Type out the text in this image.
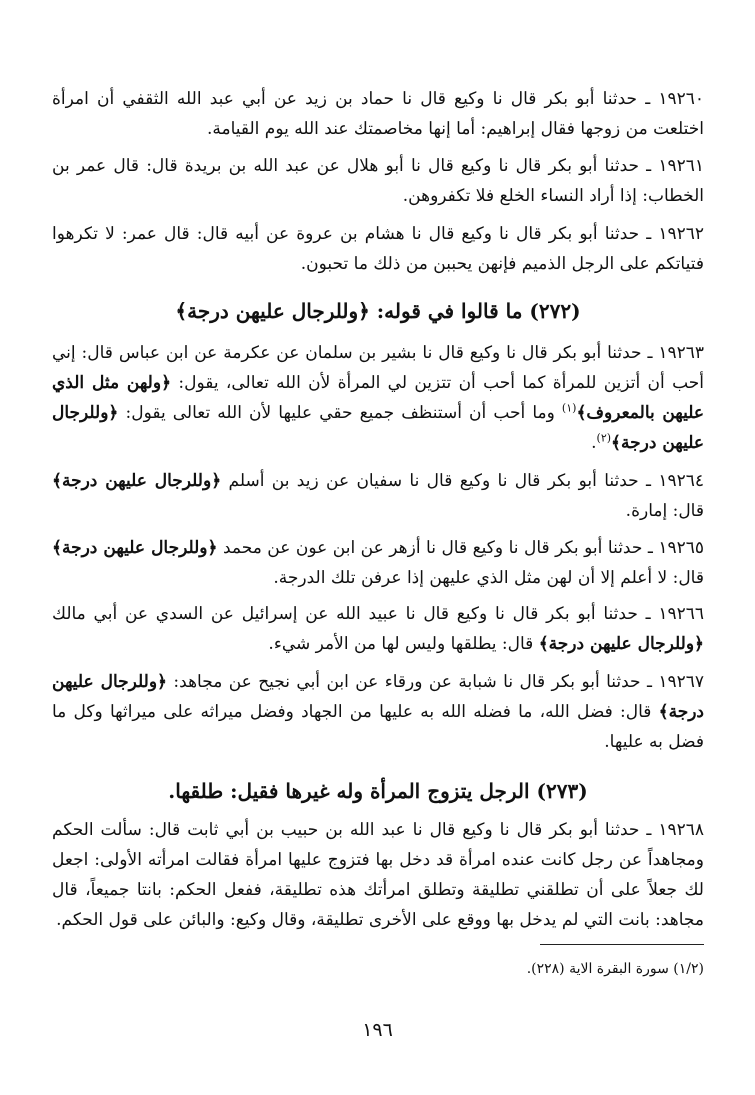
١٩٢٦٠ ـ حدثنا أبو بكر قال نا وكيع قال نا حماد بن زيد عن أبي عبد الله الثقفي أن امرأة اختلعت من زوجها فقال إبراهيم: أما إنها مخاصمتك عند الله يوم القيامة.

١٩٢٦١ ـ حدثنا أبو بكر قال نا وكيع قال نا أبو هلال عن عبد الله بن بريدة قال: قال عمر بن الخطاب: إذا أراد النساء الخلع فلا تكفروهن.

١٩٢٦٢ ـ حدثنا أبو بكر قال نا وكيع قال نا هشام بن عروة عن أبيه قال: قال عمر: لا تكرهوا فتياتكم على الرجل الذميم فإنهن يحببن من ذلك ما تحبون.

(٢٧٢) ما قالوا في قوله: ﴿وللرجال عليهن درجة﴾

١٩٢٦٣ ـ حدثنا أبو بكر قال نا وكيع قال نا بشير بن سلمان عن عكرمة عن ابن عباس قال: إني أحب أن أتزين للمرأة كما أحب أن تتزين لي المرأة لأن الله تعالى، يقول: ﴿ولهن مثل الذي عليهن بالمعروف﴾$^{(١)}$ وما أحب أن أستنظف جميع حقي عليها لأن الله تعالى يقول: ﴿وللرجال عليهن درجة﴾$^{(٢)}$.

١٩٢٦٤ ـ حدثنا أبو بكر قال نا وكيع قال نا سفيان عن زيد بن أسلم ﴿وللرجال عليهن درجة﴾ قال: إمارة.

١٩٢٦٥ ـ حدثنا أبو بكر قال نا وكيع قال نا أزهر عن ابن عون عن محمد ﴿وللرجال عليهن درجة﴾ قال: لا أعلم إلا أن لهن مثل الذي عليهن إذا عرفن تلك الدرجة.

١٩٢٦٦ ـ حدثنا أبو بكر قال نا وكيع قال نا عبيد الله عن إسرائيل عن السدي عن أبي مالك ﴿وللرجال عليهن درجة﴾ قال: يطلقها وليس لها من الأمر شيء.

١٩٢٦٧ ـ حدثنا أبو بكر قال نا شبابة عن ورقاء عن ابن أبي نجيح عن مجاهد: ﴿وللرجال عليهن درجة﴾ قال: فضل الله، ما فضله الله به عليها من الجهاد وفضل ميراثه على ميراثها وكل ما فضل به عليها.

(٢٧٣) الرجل يتزوج المرأة وله غيرها فقيل: طلقها.

١٩٢٦٨ ـ حدثنا أبو بكر قال نا وكيع قال نا عبد الله بن حبيب بن أبي ثابت قال: سألت الحكم ومجاهداً عن رجل كانت عنده امرأة قد دخل بها فتزوج عليها امرأة فقالت امرأته الأولى: اجعل لك جعلاً على أن تطلقني تطليقة وتطلق امرأتك هذه تطليقة، ففعل الحكم: بانتا جميعاً، قال مجاهد: بانت التي لم يدخل بها ووقع على الأخرى تطليقة، وقال وكيع: والبائن على قول الحكم.

(١/٢) سورة البقرة الاية (٢٢٨).

١٩٦
